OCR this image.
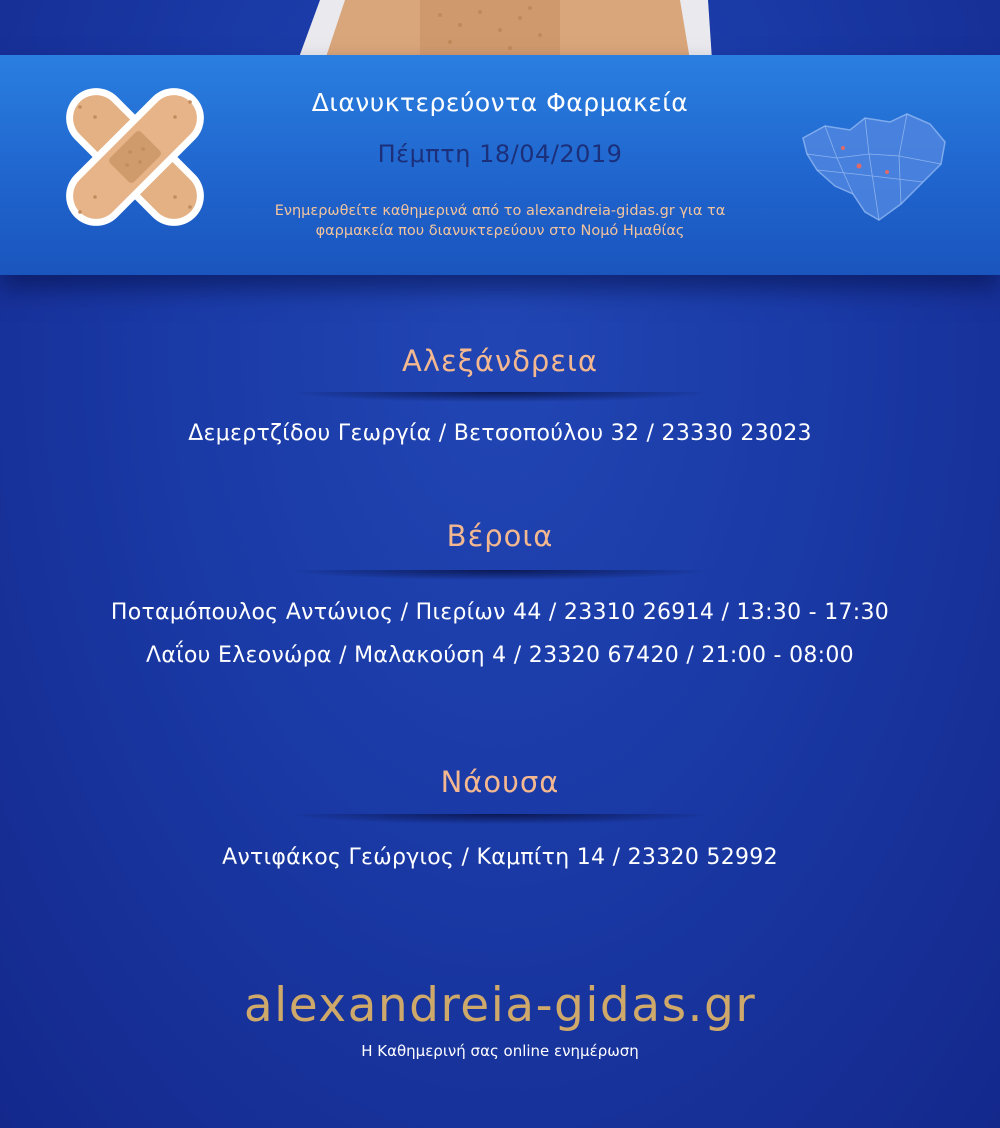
Διανυκτερεύοντα Φαρμακεία
Πέμπτη 18/04/2019
Ενημερωθείτε καθημερινά από το alexandreia-gidas.gr για τα
φαρμακεία που διανυκτερεύουν στο Νομό Ημαθίας
Αλεξάνδρεια
Δεμερτζίδου Γεωργία / Βετσοπούλου 32 / 23330 23023
Βέροια
Ποταμόπουλος Αντώνιος / Πιερίων 44 / 23310 26914 / 13:30 - 17:30
Λαΐου Ελεονώρα / Μαλακούση 4 / 23320 67420 / 21:00 - 08:00
Νάουσα
Αντιφάκος Γεώργιος / Καμπίτη 14 / 23320 52992
alexandreia-gidas.gr
Η Καθημερινή σας online ενημέρωση
